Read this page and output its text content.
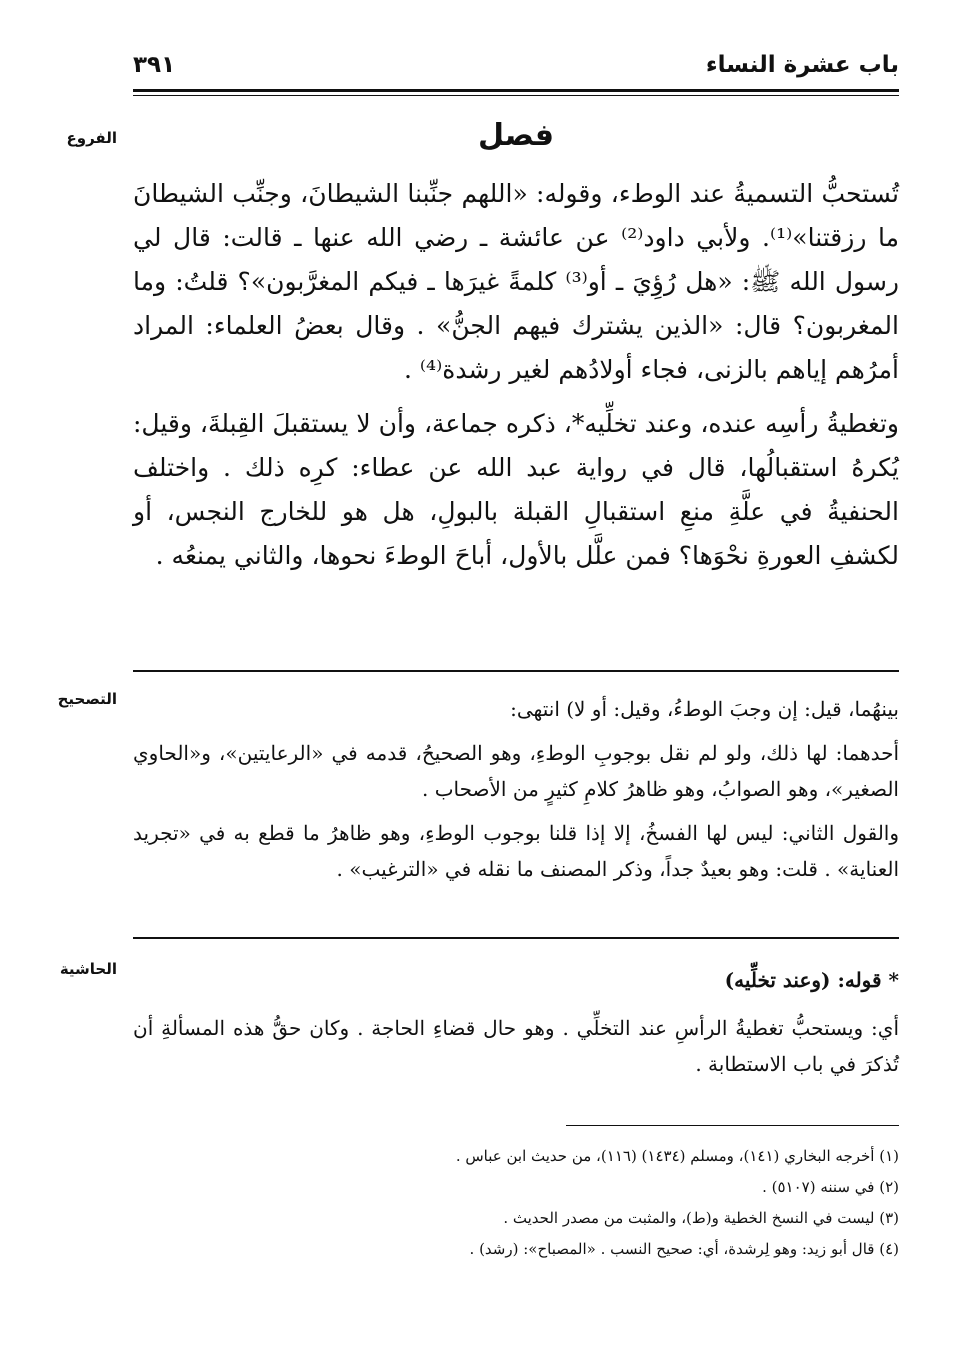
باب عشرة النساء
٣٩١
الفروع	فصل

تُستحبُّ التسميةُ عند الوطء، وقوله: «اللهم جنِّبنا الشيطانَ، وجنِّب الشيطانَ ما رزقتنا»⁽¹⁾. ولأبي داود⁽²⁾ عن عائشة ـ رضي الله عنها ـ قالت: قال لي رسول الله ﷺ: «هل رُؤِيَ ـ أو⁽³⁾ كلمةً غيرَها ـ فيكم المغرَّبون»؟ قلتُ: وما المغربون؟ قال: «الذين يشترك فيهم الجنُّ» . وقال بعضُ العلماء: المراد أمرُهم إياهم بالزنى، فجاء أولادُهم لغير رشدة⁽⁴⁾ .

وتغطيةُ رأسِه عنده، وعند تخلِّيه*، ذكره جماعة، وأن لا يستقبلَ القِبلةَ، وقيل: يُكرهُ استقبالُها، قال في رواية عبد الله عن عطاء: كرِه ذلك . واختلف الحنفيةُ في علَّةِ منعِ استقبالِ القبلة بالبولِ، هل هو للخارج النجس، أو لكشفِ العورةِ نحْوَها؟ فمن علَّل بالأول، أباحَ الوطءَ نحوها، والثاني يمنعُه .

التصحيح	بينهُما، قيل: إن وجبَ الوطءُ، وقيل: أو لا) انتهى:

أحدهما: لها ذلك، ولو لم نقل بوجوبِ الوطءِ، وهو الصحيحُ، قدمه في «الرعايتين»، و«الحاوي الصغير»، وهو الصوابُ، وهو ظاهرُ كلامِ كثيرٍ من الأصحاب .

والقول الثاني: ليس لها الفسخُ، إلا إذا قلنا بوجوب الوطءِ، وهو ظاهرُ ما قطع به في «تجريد العناية» . قلت: وهو بعيدٌ جداً، وذكر المصنف ما نقله في «الترغيب» .

الحاشية	* قوله: (وعند تخلِّيه)

أي: ويستحبُّ تغطيةُ الرأسِ عند التخلِّي . وهو حال قضاءِ الحاجة . وكان حقُّ هذه المسألةِ أن تُذكرَ في باب الاستطابة .

(١) أخرجه البخاري (١٤١)، ومسلم (١٤٣٤) (١١٦)، من حديث ابن عباس .
(٢) في سننه (٥١٠٧) .
(٣) ليست في النسخ الخطية و(ط)، والمثبت من مصدر الحديث .
(٤) قال أبو زيد: وهو لِرشدة، أي: صحيح النسب . «المصباح»: (رشد) .
